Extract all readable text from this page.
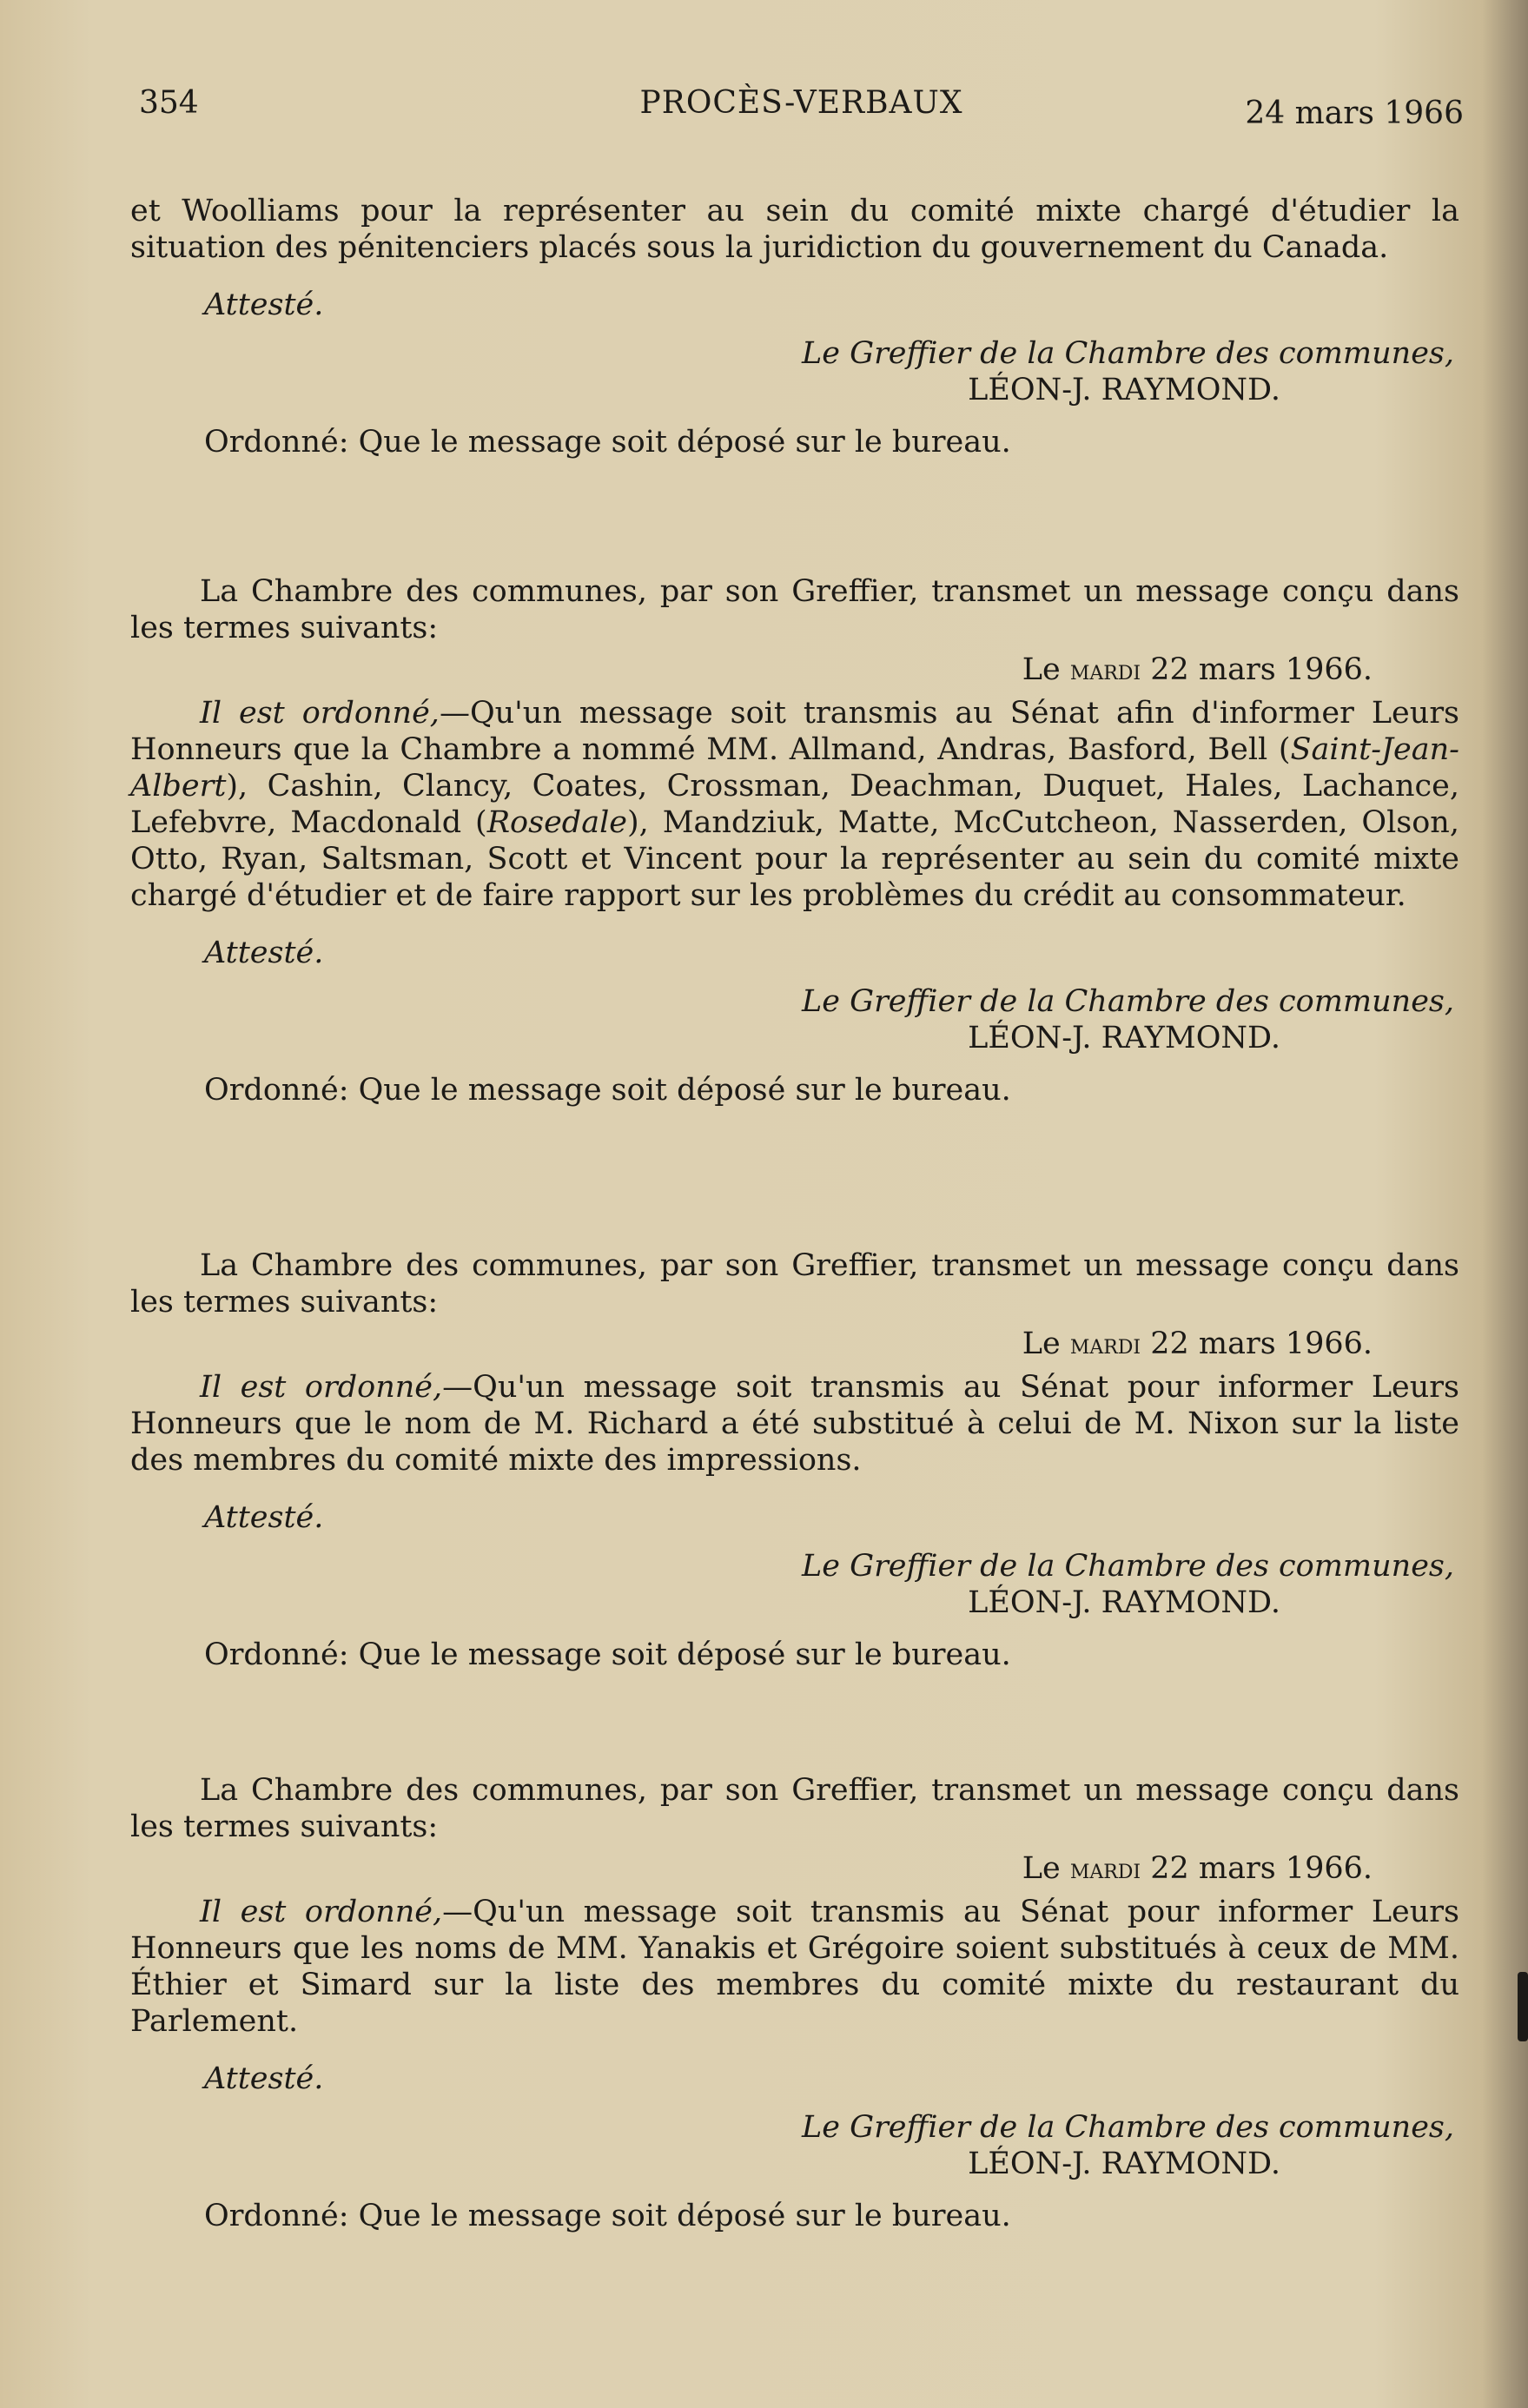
354	PROCÈS-VERBAUX	24 mars 1966

et Woolliams pour la représenter au sein du comité mixte chargé d'étudier la situation des pénitenciers placés sous la juridiction du gouvernement du Canada.

Attesté.
Le Greffier de la Chambre des communes,
LÉON-J. RAYMOND.
Ordonné: Que le message soit déposé sur le bureau.

La Chambre des communes, par son Greffier, transmet un message conçu dans les termes suivants:

Le mardi 22 mars 1966.

Il est ordonné,—Qu'un message soit transmis au Sénat afin d'informer Leurs Honneurs que la Chambre a nommé MM. Allmand, Andras, Basford, Bell (Saint-Jean-Albert), Cashin, Clancy, Coates, Crossman, Deachman, Duquet, Hales, Lachance, Lefebvre, Macdonald (Rosedale), Mandziuk, Matte, McCutcheon, Nasserden, Olson, Otto, Ryan, Saltsman, Scott et Vincent pour la représenter au sein du comité mixte chargé d'étudier et de faire rapport sur les problèmes du crédit au consommateur.

Attesté.
Le Greffier de la Chambre des communes,
LÉON-J. RAYMOND.
Ordonné: Que le message soit déposé sur le bureau.

La Chambre des communes, par son Greffier, transmet un message conçu dans les termes suivants:

Le mardi 22 mars 1966.

Il est ordonné,—Qu'un message soit transmis au Sénat pour informer Leurs Honneurs que le nom de M. Richard a été substitué à celui de M. Nixon sur la liste des membres du comité mixte des impressions.

Attesté.
Le Greffier de la Chambre des communes,
LÉON-J. RAYMOND.
Ordonné: Que le message soit déposé sur le bureau.

La Chambre des communes, par son Greffier, transmet un message conçu dans les termes suivants:

Le mardi 22 mars 1966.

Il est ordonné,—Qu'un message soit transmis au Sénat pour informer Leurs Honneurs que les noms de MM. Yanakis et Grégoire soient substitués à ceux de MM. Éthier et Simard sur la liste des membres du comité mixte du restaurant du Parlement.

Attesté.
Le Greffier de la Chambre des communes,
LÉON-J. RAYMOND.
Ordonné: Que le message soit déposé sur le bureau.
